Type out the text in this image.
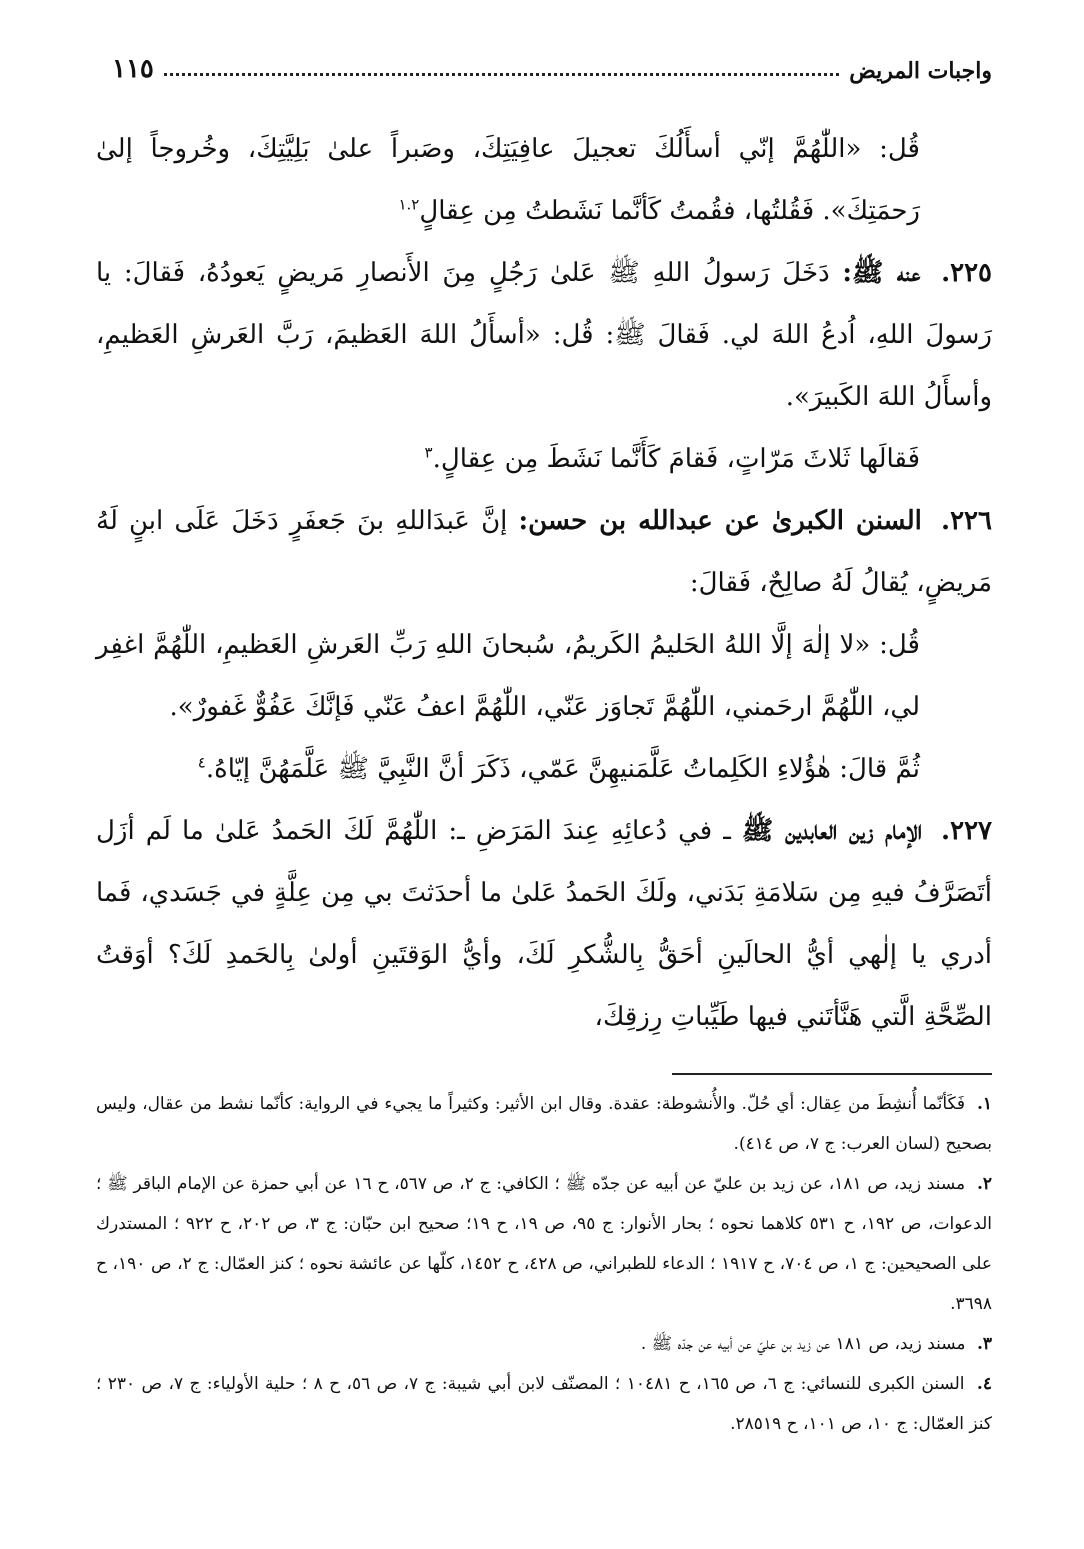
واجبات المريض
١١٥

قُل: «اللّٰهُمَّ إنّي أسأَلُكَ تعجيلَ عافِيَتِكَ، وصَبراً علىٰ بَلِيَّتِكَ، وخُروجاً إلىٰ رَحمَتِكَ». فَقُلتُها، فقُمتُ كَأنَّما نَشَطتُ مِن عِقالٍ$^{١.٢}$

٢٢٥. عنه ﷺ: دَخَلَ رَسولُ اللهِ ﷺ عَلىٰ رَجُلٍ مِنَ الأَنصارِ مَريضٍ يَعودُهُ، فَقالَ: يا رَسولَ اللهِ، اُدعُ اللهَ لي. فَقالَ ﷺ: قُل: «أسأَلُ اللهَ العَظيمَ، رَبَّ العَرشِ العَظيمِ، وأسأَلُ اللهَ الكَبيرَ».

فَقالَها ثَلاثَ مَرّاتٍ، فَقامَ كَأَنَّما نَشَطَ مِن عِقالٍ.$^٣$

٢٢٦. السنن الكبرىٰ عن عبدالله بن حسن: إنَّ عَبدَاللهِ بنَ جَعفَرٍ دَخَلَ عَلَى ابنٍ لَهُ مَريضٍ، يُقالُ لَهُ صالِحٌ، فَقالَ:

قُل: «لا إلٰهَ إلَّا اللهُ الحَليمُ الكَريمُ، سُبحانَ اللهِ رَبِّ العَرشِ العَظيمِ، اللّٰهُمَّ اغفِر لي، اللّٰهُمَّ ارحَمني، اللّٰهُمَّ تَجاوَز عَنّي، اللّٰهُمَّ اعفُ عَنّي فَإنَّكَ عَفُوٌّ غَفورٌ».

ثُمَّ قالَ: هٰؤُلاءِ الكَلِماتُ عَلَّمَنيهِنَّ عَمّي، ذَكَرَ أنَّ النَّبِيَّ ﷺ عَلَّمَهُنَّ إيّاهُ.$^٤$

٢٢٧. الإمام زين العابدين ﷺ ـ في دُعائِهِ عِندَ المَرَضِ ـ: اللّٰهُمَّ لَكَ الحَمدُ عَلىٰ ما لَم أزَل أتَصَرَّفُ فيهِ مِن سَلامَةِ بَدَني، ولَكَ الحَمدُ عَلىٰ ما أحدَثتَ بي مِن عِلَّةٍ في جَسَدي، فَما أدري يا إلٰهي أيُّ الحالَينِ أحَقُّ بِالشُّكرِ لَكَ، وأيُّ الوَقتَينِ أولىٰ بِالحَمدِ لَكَ؟ أوَقتُ الصِّحَّةِ الَّتي هَنَّأتَني فيها طَيِّباتِ رِزقِكَ،

١. فَكَأنّما أُنشِطَ من عِقال: أي حُلّ. والأُنشوطة: عقدة. وقال ابن الأثير: وكثيراً ما يجيء في الرواية: كأنّما نشط من عقال، وليس بصحيح (لسان العرب: ج ٧، ص ٤١٤).

٢. مسند زيد، ص ١٨١، عن زيد بن عليّ عن أبيه عن جدّه ﷺ ؛ الكافي: ج ٢، ص ٥٦٧، ح ١٦ عن أبي حمزة عن الإمام الباقر ﷺ ؛ الدعوات، ص ١٩٢، ح ٥٣١ كلاهما نحوه ؛ بحار الأنوار: ج ٩٥، ص ١٩، ح ١٩؛ صحيح ابن حبّان: ج ٣، ص ٢٠٢، ح ٩٢٢ ؛ المستدرك على الصحيحين: ج ١، ص ٧٠٤، ح ١٩١٧ ؛ الدعاء للطبراني، ص ٤٢٨، ح ١٤٥٢، كلّها عن عائشة نحوه ؛ كنز العمّال: ج ٢، ص ١٩٠، ح ٣٦٩٨.

٣. مسند زيد، ص ١٨١ عن زيد بن عليّ عن أبيه عن جدّه ﷺ .

٤. السنن الكبرى للنسائي: ج ٦، ص ١٦٥، ح ١٠٤٨١ ؛ المصنّف لابن أبي شيبة: ج ٧، ص ٥٦، ح ٨ ؛ حلية الأولياء: ج ٧، ص ٢٣٠ ؛ كنز العمّال: ج ١٠، ص ١٠١، ح ٢٨٥١٩.
